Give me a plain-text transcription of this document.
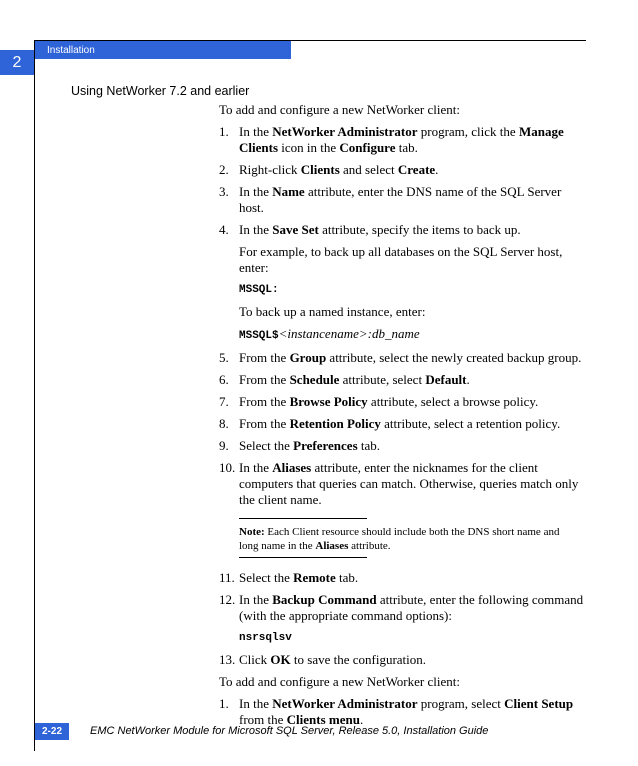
2
Installation
Using NetWorker 7.2 and earlier

To add and configure a new NetWorker client:

1. In the NetWorker Administrator program, click the Manage Clients icon in the Configure tab.
2. Right-click Clients and select Create.
3. In the Name attribute, enter the DNS name of the SQL Server host.
4. In the Save Set attribute, specify the items to back up.
For example, to back up all databases on the SQL Server host, enter:
MSSQL:
To back up a named instance, enter:
MSSQL$<instancename>:db_name
5. From the Group attribute, select the newly created backup group.
6. From the Schedule attribute, select Default.
7. From the Browse Policy attribute, select a browse policy.
8. From the Retention Policy attribute, select a retention policy.
9. Select the Preferences tab.
10. In the Aliases attribute, enter the nicknames for the client computers that queries can match. Otherwise, queries match only the client name.
Note: Each Client resource should include both the DNS short name and long name in the Aliases attribute.
11. Select the Remote tab.
12. In the Backup Command attribute, enter the following command (with the appropriate command options):
nsrsqlsv
13. Click OK to save the configuration.

To add and configure a new NetWorker client:

1. In the NetWorker Administrator program, select Client Setup from the Clients menu.
2-22	EMC NetWorker Module for Microsoft SQL Server, Release 5.0, Installation Guide
